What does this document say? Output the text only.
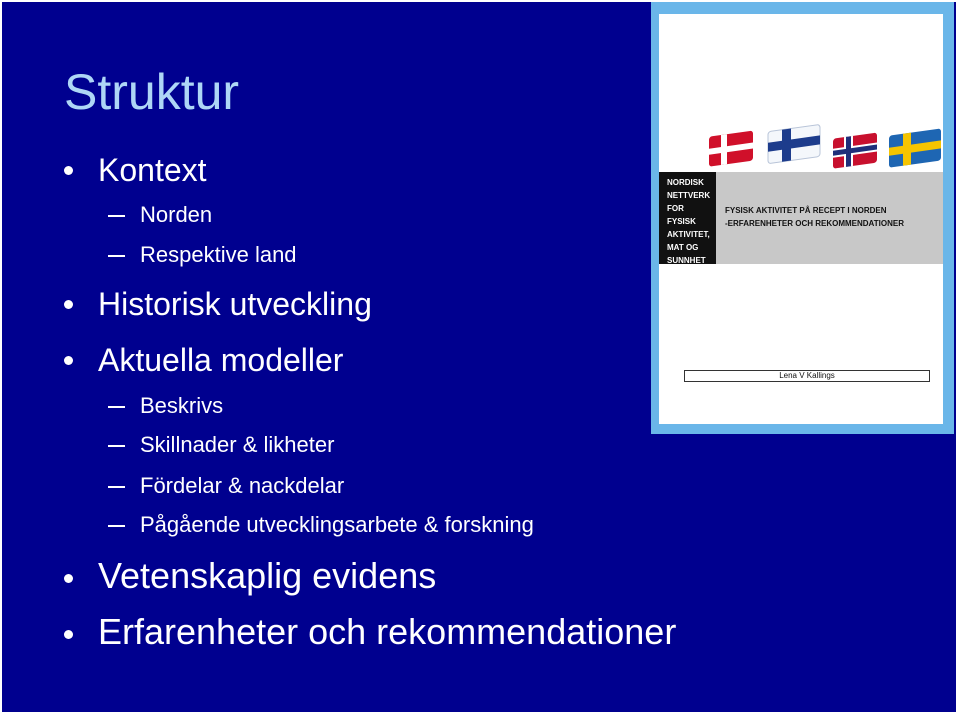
Struktur
Kontext
Norden
Respektive land
Historisk utveckling
Aktuella modeller
Beskrivs
Skillnader & likheter
Fördelar & nackdelar
Pågående utvecklingsarbete & forskning
Vetenskaplig evidens
Erfarenheter och rekommendationer
NORDISK
NETTVERK
FOR
FYSISK
AKTIVITET,
MAT OG
SUNNHET
FYSISK AKTIVITET PÅ RECEPT I NORDEN
-ERFARENHETER OCH REKOMMENDATIONER
Lena V Kallings
